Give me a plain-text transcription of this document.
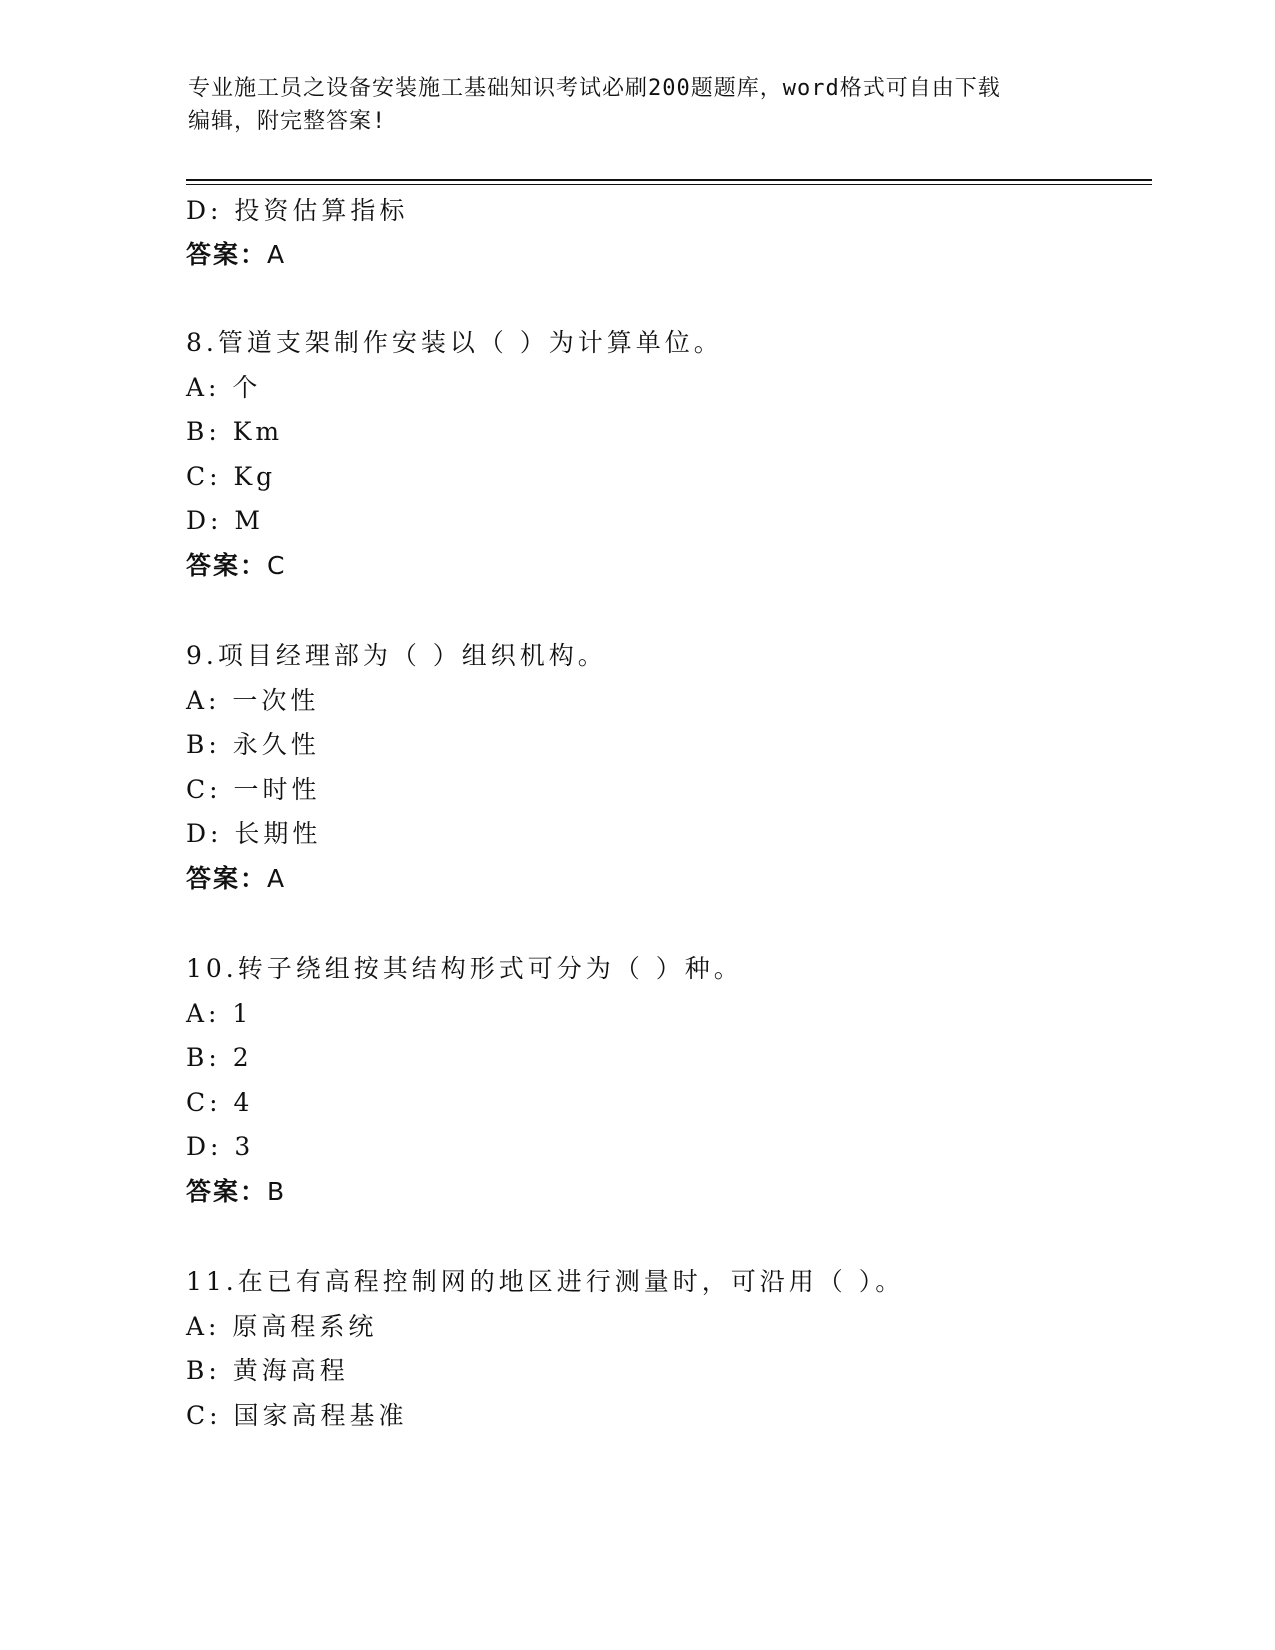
专业施工员之设备安装施工基础知识考试必刷200题题库，word格式可自由下载
编辑，附完整答案!
D: 投资估算指标
答案：A
8.管道支架制作安装以（ ）为计算单位。
A: 个
B: Km
C: Kg
D: M
答案：C
9.项目经理部为（ ）组织机构。
A: 一次性
B: 永久性
C: 一时性
D: 长期性
答案：A
10.转子绕组按其结构形式可分为（ ）种。
A: 1
B: 2
C: 4
D: 3
答案：B
11.在已有高程控制网的地区进行测量时，可沿用（ ）。
A: 原高程系统
B: 黄海高程
C: 国家高程基准
